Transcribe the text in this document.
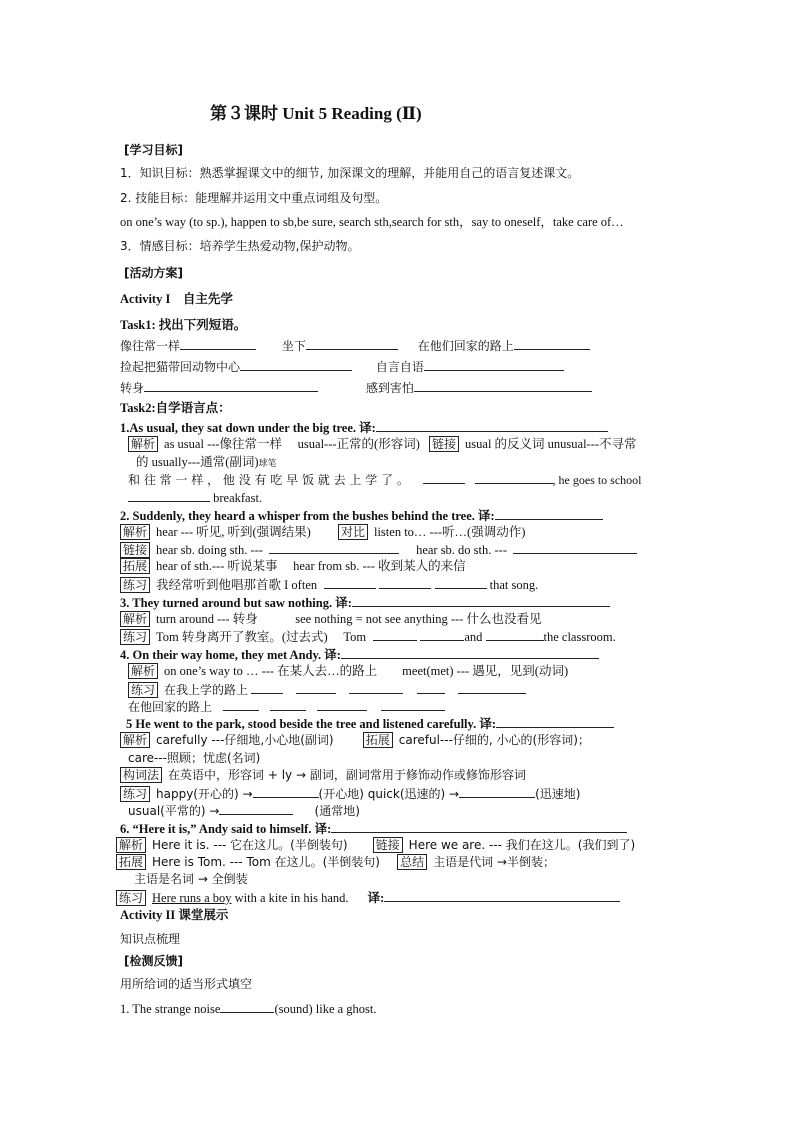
第３课时 Unit 5 Reading (Ⅱ)
[学习目标]
1．知识目标：熟悉掌握课文中的细节, 加深课文的理解，并能用自己的语言复述课文。
2. 技能目标：能理解并运用文中重点词组及句型。
on one’s way (to sp.), happen to sb,be sure, search sth,search for sth，say to oneself，take care of…
3．情感目标：培养学生热爱动物,保护动物。
[活动方案]
Activity I　自主先学
Task1: 找出下列短语。
像往常一样	坐下	在他们回家的路上
捡起把猫带回动物中心	自言自语
转身	感到害怕
Task2:自学语言点：
1.As usual, they sat down under the big tree. 译:
解析 as usual ---像往常一样　 usual---正常的(形容词) 链接 usual 的反义词 unusual---不寻常
的 usually---通常(副词)球笔
和 往 常 一 样 ， 他 没 有 吃 早 饭 就 去 上 学 了 。	, he goes to school
breakfast.
2. Suddenly, they heard a whisper from the bushes behind the tree. 译:
解析 hear --- 听见, 听到(强调结果)	对比 listen to… ---听…(强调动作)
链接 hear sb. doing sth. ---	hear sb. do sth. ---
拓展 hear of sth.--- 听说某事　 hear from sb. --- 收到某人的来信
练习 我经常听到他唱那首歌 I often	that song.
3. They turned around but saw nothing. 译:
解析 turn around --- 转身　　　see nothing = not see anything --- 什么也没看见
练习 Tom 转身离开了教室。(过去式)　 Tom	and	the classroom.
4. On their way home, they met Andy. 译:
解析 on one’s way to … --- 在某人去…的路上　　meet(met) --- 遇见，见到(动词)
练习 在我上学的路上
在他回家的路上
5 He went to the park, stood beside the tree and listened carefully. 译:
解析 carefully ---仔细地,小心地(副词)	拓展 careful---仔细的, 小心的(形容词)；
care---照顾；忧虑(名词)
构词法 在英语中，形容词 + ly → 副词，副词常用于修饰动作或修饰形容词
练习 happy(开心的) →	(开心地) quick(迅速的) →	(迅速地)
usual(平常的) →	(通常地)
6. “Here it is,” Andy said to himself. 译:
解析 Here it is. --- 它在这儿。(半倒装句) 链接 Here we are. --- 我们在这儿。(我们到了)
拓展 Here is Tom. --- Tom 在这儿。(半倒装句) 总结 主语是代词 →半倒装；
主语是名词 → 全倒装
练习 Here runs a boy with a kite in his hand. 译:
Activity II 课堂展示
知识点梳理
[检测反馈]
用所给词的适当形式填空
1. The strange noise	(sound) like a ghost.
